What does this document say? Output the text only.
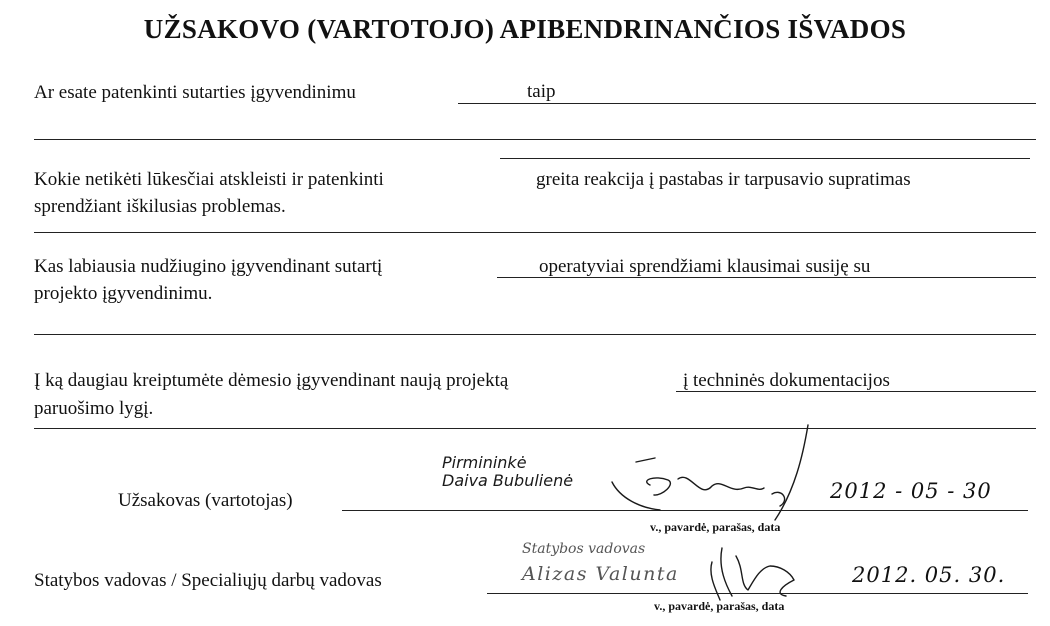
UŽSAKOVO (VARTOTOJO) APIBENDRINANČIOS IŠVADOS
Ar esate patenkinti sutarties įgyvendinimu	taip
Kokie netikėti lūkesčiai atskleisti ir patenkinti	greita reakcija į pastabas ir tarpusavio supratimas
sprendžiant iškilusias problemas.
Kas labiausia nudžiugino įgyvendinant sutartį	operatyviai sprendžiami klausimai susiję su
projekto įgyvendinimu.
Į ką daugiau kreiptumėte dėmesio įgyvendinant naują projektą	į techninės dokumentacijos
paruošimo lygį.
Pirmininkė
Daiva Bubulienė
Užsakovas (vartotojas)	2012 - 05 - 30
v., pavardė, parašas, data
Statybos vadovas
Alizas Valunta
Statybos vadovas / Specialiųjų darbų vadovas	2012. 05. 30.
v., pavardė, parašas, data
